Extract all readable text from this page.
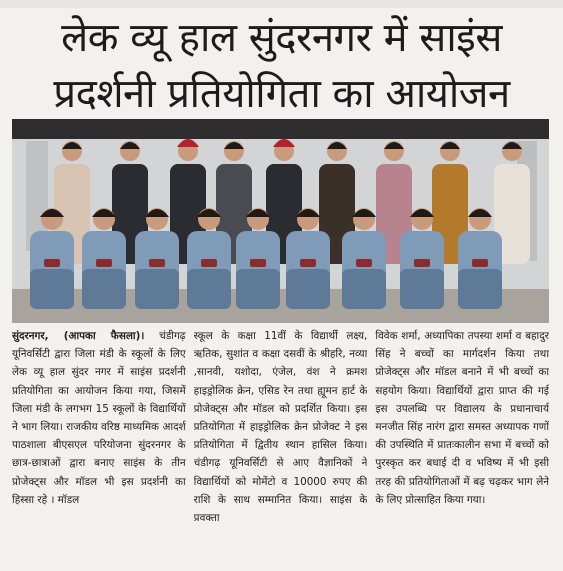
लेक व्यू हाल सुंदरनगर में साइंस
प्रदर्शनी प्रतियोगिता का आयोजन

सुंदरनगर, (आपका फैसला)। चंडीगढ़ यूनिवर्सिटी द्वारा जिला मंडी के स्कूलों के लिए लेक व्यू हाल सुंदर नगर में साइंस प्रदर्शनी प्रतियोगिता का आयोजन किया गया, जिसमें जिला मंडी के लगभग 15 स्कूलों के विद्यार्थियों ने भाग लिया। राजकीय वरिष्ठ माध्यमिक आदर्श पाठशाला बीएसएल परियोजना सुंदरनगर के छात्र-छात्राओं द्वारा बनाए साइंस के तीन प्रोजेक्ट्स और मॉडल भी इस प्रदर्शनी का हिस्सा रहे । मॉडल

स्कूल के कक्षा 11वीं के विद्यार्थी लक्ष्य, ऋतिक, सुशांत व कक्षा दसवीं के श्रीहरि, नव्या ,सानवी, यशोदा, एंजेल, वंश ने क्रमश हाइड्रोलिक क्रेन, एसिड रेन तथा ह्यूमन हार्ट के प्रोजेक्ट्स और मॉडल को प्रदर्शित किया। इस प्रतियोगिता में हाइड्रोलिक क्रेन प्रोजेक्ट ने इस प्रतियोगिता में द्वितीय स्थान हासिल किया। चंडीगढ़ यूनिवर्सिटी से आए वैज्ञानिकों ने विद्यार्थियों को मोमेंटो व 10000 रुपए की राशि के साथ सम्मानित किया। साइंस के प्रवक्ता

विवेक शर्मा, अध्यापिका तपस्या शर्मा व बहादुर सिंह ने बच्चों का मार्गदर्शन किया तथा प्रोजेक्ट्स और मॉडल बनाने में भी बच्चों का सहयोग किया। विद्यार्थियों द्वारा प्राप्त की गई इस उपलब्धि पर विद्यालय के प्रधानाचार्य मनजीत सिंह नारंग द्वारा समस्त अध्यापक गणों की उपस्थिति में प्रातःकालीन सभा में बच्चों को पुरस्कृत कर बधाई दी व भविष्य में भी इसी तरह की प्रतियोगिताओं में बढ़ चढ़कर भाग लेने के लिए प्रोत्साहित किया गया।
